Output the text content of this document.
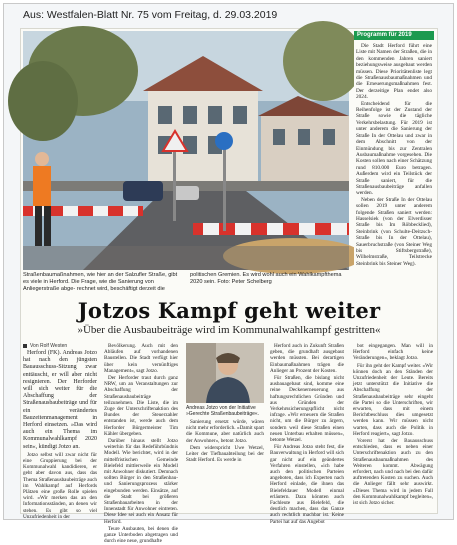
Aus: Westfalen-Blatt Nr. 75 vom Freitag, d. 29.03.2019
Straßenbaumaßnahmen, wie hier an der Salzufler Straße, gibt es viele in Herford. Die Frage, wie die Sanierung von Anliegerstraße abge- rechnet wird, beschäftigt derzeit die politischen Gremien. Es wird wohl auch ein Wahlkampfthema 2020 sein. Foto: Peter Schelberg
Programm für 2019

Die Stadt Herford führt eine Liste mit Namen der Straßen, die in den kommenden Jahren saniert beziehungsweise ausgebaut werden müssen. Diese Prioritätenliste legt die Straßenausbaumaßnahmen und die Erneuerungsmaßnahmen fest. Der derzeitige Plan endet also 2024.

Entscheidend für die Reihenfolge ist der Zustand der Straße sowie die tägliche Verkehrsbelastung. Für 2019 ist unter anderem die Sanierung der Straße In der Ottelau und zwar in dem Abschnitt von der Einmündung bis zur Zentralen Ausbaumaßnahme vorgesehen. Die Kosten sollen nach einer Schätzung rund 810.000 Euro betragen. Außerdem wird ein Teilstück der Straße saniert, für die Straßenausbaubeiträge anfallen werden.

Neben der Straße In der Ottelau sollen 2019 unter anderem folgende Straßen saniert werden: Hasselsiek (von der Elverdisser Straße bis Im Röbbecklied), Steinbrink (von Schulte-Deitzsch-Straße bis In der Ottelau), Sauerbruchstraße (von Steiner Weg bis Stiftsbergstraße), Wilhelmstraße, Teilstrecke Steinbrink bis Steiner Weg).

Jotzos Kampf geht weiter
»Über die Ausbaubeiträge wird im Kommunalwahlkampf gestritten«
Von Rolf Westen

Herford (FK). Andreas Jotzo hat nach den jüngsten Bauausschuss-Sitzung zwar enttäuscht, er will aber nicht resignieren. Der Herforder will sich weiter für die Abschaffung der Straßenausbaubeiträge und für ein verändertes Bauzeitenmanagement in Herford einsetzen. »Das wird auch ein Thema im Kommunalwahlkampf 2020 sein«, kündigt Jotzo an.

Jotzo selbst will zwar nicht für eine Gruppierung bei der Kommunalwahl kandidieren, er geht aber davon aus, dass das Thema Straßenausbaubeiträge auch im Wahlkampf auf Herfords Plätzen eine große Rolle spielen wird. »Wir merken das an den Informationsständen, an denen wir stehen. Es gibt so viel Unzufriedenheit in der

Bevölkerung. Auch mit den Abläufen auf vorhandenen Baustellen. Die Stadt verfügt hier über kein vernünftiges Management«, sagt Jotzo.

Der Herforder traut durch ganz NRW, um an Veranstaltungen zur Abschaffung der Straßenausbaubeiträge teilzunehmen. Die Liste, die im Zuge der Unterschriftenaktion des Bundes der Steuerzahler entstanden ist, werde auch dem Herforder Bürgermeister Tim Kähler übergeben.

Darüber hinaus stellt Jotzo weiterhin für das Redeführbündnis Modell. Wie berichtet, wird in der mittelfristischen Gemeinde Bielefeld mittlerweile ein Modell mit Anwohner diskutiert. Demnach sollten Bürger in den Straßenbau- und Sanierungsprozess stärker eingebunden werden. Einsätze, auf die Stadt bei größeren Straßenbauarbeiten in der Innenstadt für Anwohner eintreten. Diese Idee sei auch ein Ansatz für Herford.

Teure Ausbauten, bei denen die ganze Unterboden abgetragen und durch eine neue, grundhafte

Andreas Jotzo von der Initiative »Gerechte Straßenbaubeiträge«.

Sanierung ersetzt würde, wären nicht mehr erforderlich. »Damit spart die Kommune, aber natürlich auch der Anwohner«, betont Jotzo.

Dem widerspricht Uwe Wetzel, Leiter der Tiefbauabteilung bei der Stadt Herford. Es werde in

Herford auch in Zukunft Straßen geben, die grundhaft ausgebaut werden müssten. Bei derartigen Einbaumaßnahmen trägen die Anlieger an Prozent der Kosten.

Für Straßen, die bislang nicht ausbauagebaut sind, komme eine reine Deckenerneuerung aus haftungsrechtlichen Gründen und aus Gründen der Verkehrssicherungspflicht nicht infrage. »Wir erneuern die Straßen nicht, um die Bürger zu ärgern, sondern weil diese Straßen einen neuen Unterbau erhalten müssen«, betonte Wetzel.

Für Andreas Jotzo steht fest, die Bauverwaltung in Herford will sich gar nicht auf ein geändertes Verfahren einstellen, »ich habe auch den politischen Parteien angeboten, dass ich Experten nach Herford einlade, die ihnen das Bielefeldauer Modell einmal erläutern. Dazu könnten auch Fachleute aus Bielefeld, die deutlich machen, dass das Ganze auch rechtlich machbar ist. Keine Partei hat auf das Angebot

bot eingegangen. Man will in Herford einfach keine Veränderungen«, beklagt Jotzo.

Für ihn geht der Kampf weiter. »Wir können doch an den Ständen der Unzufriedenheit der Leute. Bereits jetzt unterstützt die Initiative die Abschaffung der Straßenausbaubeiträge sehr eingeht die Partei so die Unterschriften, wir erwarten, dass mit einem Berichtbeschluss dies umgesetzt werden kann. Wir müssen nicht warten, dass auch die Politik in Herford reagiert«, sagt Jotzo.

Vorerst hat der Bauausschuss entschieden, dass es neben einer Unterschriftenaktion auch zu den Straßenausbaumaßnahmen des Weiteren kommt. Abwägung erfordert, nach und nach bei den dafür auftretenden Kosten zu suchen. Auch die Anlieger fällt sehr auswirkt. »Dieses Thema wird in jedem Fall den Kommunalwahlkampf begleiten«, ist sich Jotzo sicher.
